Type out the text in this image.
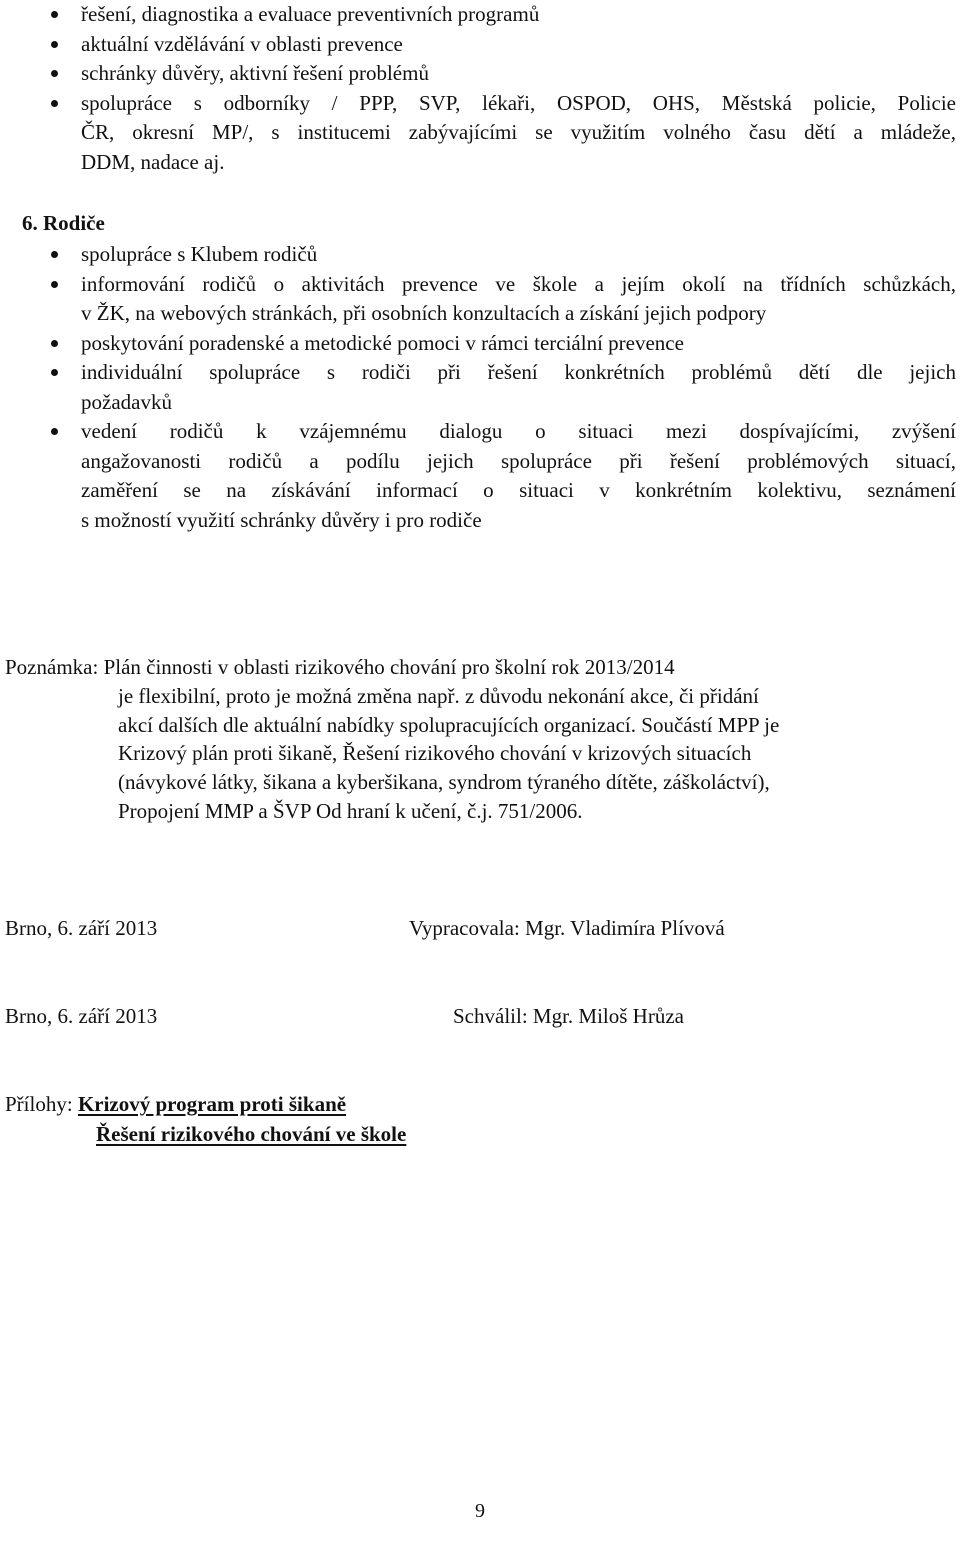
řešení, diagnostika a evaluace preventivních programů
aktuální vzdělávání v oblasti prevence
schránky důvěry, aktivní řešení problémů
spolupráce s odborníky / PPP, SVP, lékaři, OSPOD, OHS, Městská policie, Policie
ČR, okresní MP/, s institucemi zabývajícími se využitím volného času dětí a mládeže,
DDM, nadace aj.
6. Rodiče
spolupráce s Klubem rodičů
informování rodičů o aktivitách prevence ve škole a jejím okolí na třídních schůzkách,
v ŽK, na webových stránkách, při osobních konzultacích a získání jejich podpory
poskytování poradenské a metodické pomoci v rámci terciální prevence
individuální spolupráce s rodiči při řešení konkrétních problémů dětí dle jejich
požadavků
vedení rodičů k vzájemnému dialogu o situaci mezi dospívajícími, zvýšení
angažovanosti rodičů a podílu jejich spolupráce při řešení problémových situací,
zaměření se na získávání informací o situaci v konkrétním kolektivu, seznámení
s možností využití schránky důvěry i pro rodiče
Poznámka: Plán činnosti v oblasti rizikového chování pro školní rok 2013/2014
je flexibilní, proto je možná změna např. z důvodu nekonání akce, či přidání
akcí dalších dle aktuální nabídky spolupracujících organizací. Součástí MPP je
Krizový plán proti šikaně, Řešení rizikového chování v krizových situacích
(návykové látky, šikana a kyberšikana, syndrom týraného dítěte, záškoláctví),
Propojení MMP a ŠVP Od hraní k učení, č.j. 751/2006.
Brno, 6. září 2013	Vypracovala: Mgr. Vladimíra Plívová
Brno, 6. září 2013	Schválil: Mgr. Miloš Hrůza
Přílohy: Krizový program proti šikaně
Řešení rizikového chování ve škole
9
